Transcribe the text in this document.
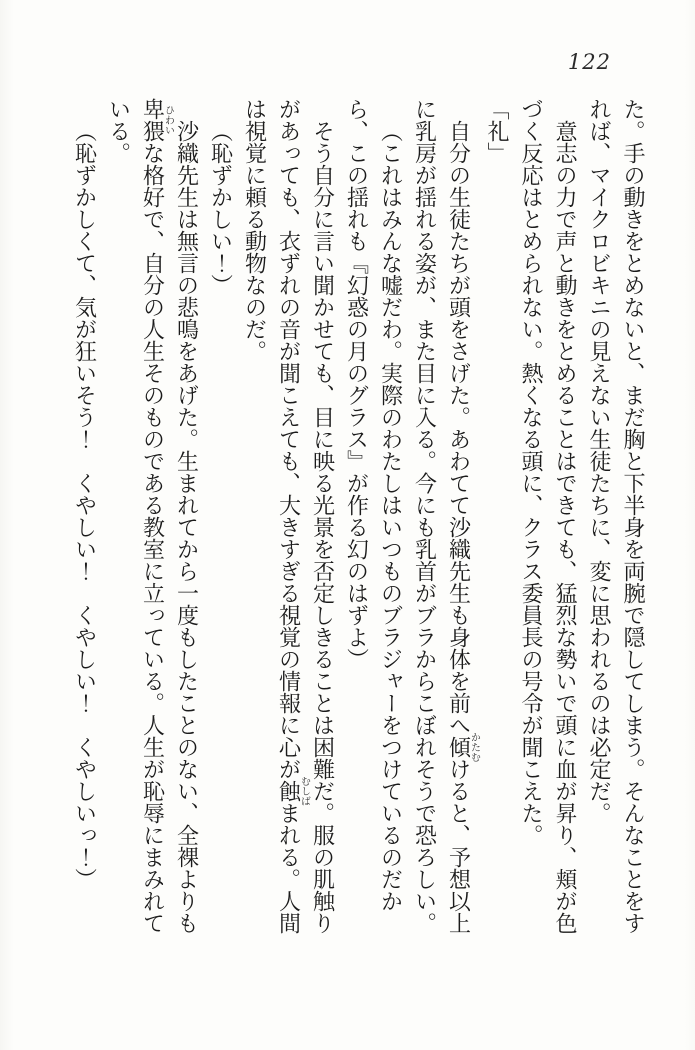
122

た。手の動きをとめないと、まだ胸と下半身を両腕で隠してしまう。そんなことをすれば、マイクロビキニの見えない生徒たちに、変に思われるのは必定だ。

意志の力で声と動きをとめることはできても、猛烈な勢いで頭に血が昇り、頬が色づく反応はとめられない。熱くなる頭に、クラス委員長の号令が聞こえた。

「礼」

自分の生徒たちが頭をさげた。あわてて沙織先生も身体を前へ傾かたむけると、予想以上に乳房が揺れる姿が、また目に入る。今にも乳首がブラからこぼれそうで恐ろしい。

（これはみんな嘘だわ。実際のわたしはいつものブラジャーをつけているのだから、この揺れも『幻惑の月のグラス』が作る幻のはずよ）

そう自分に言い聞かせても、目に映る光景を否定しきることは困難だ。服の肌触りがあっても、衣ずれの音が聞こえても、大きすぎる視覚の情報に心が蝕むしばまれる。人間は視覚に頼る動物なのだ。

（恥ずかしい！）

沙織先生は無言の悲鳴をあげた。生まれてから一度もしたことのない、全裸よりも卑猥ひわいな格好で、自分の人生そのものである教室に立っている。人生が恥辱にまみれている。

（恥ずかしくて、気が狂いそう！　くやしい！　くやしい！　くやしいっ！）
